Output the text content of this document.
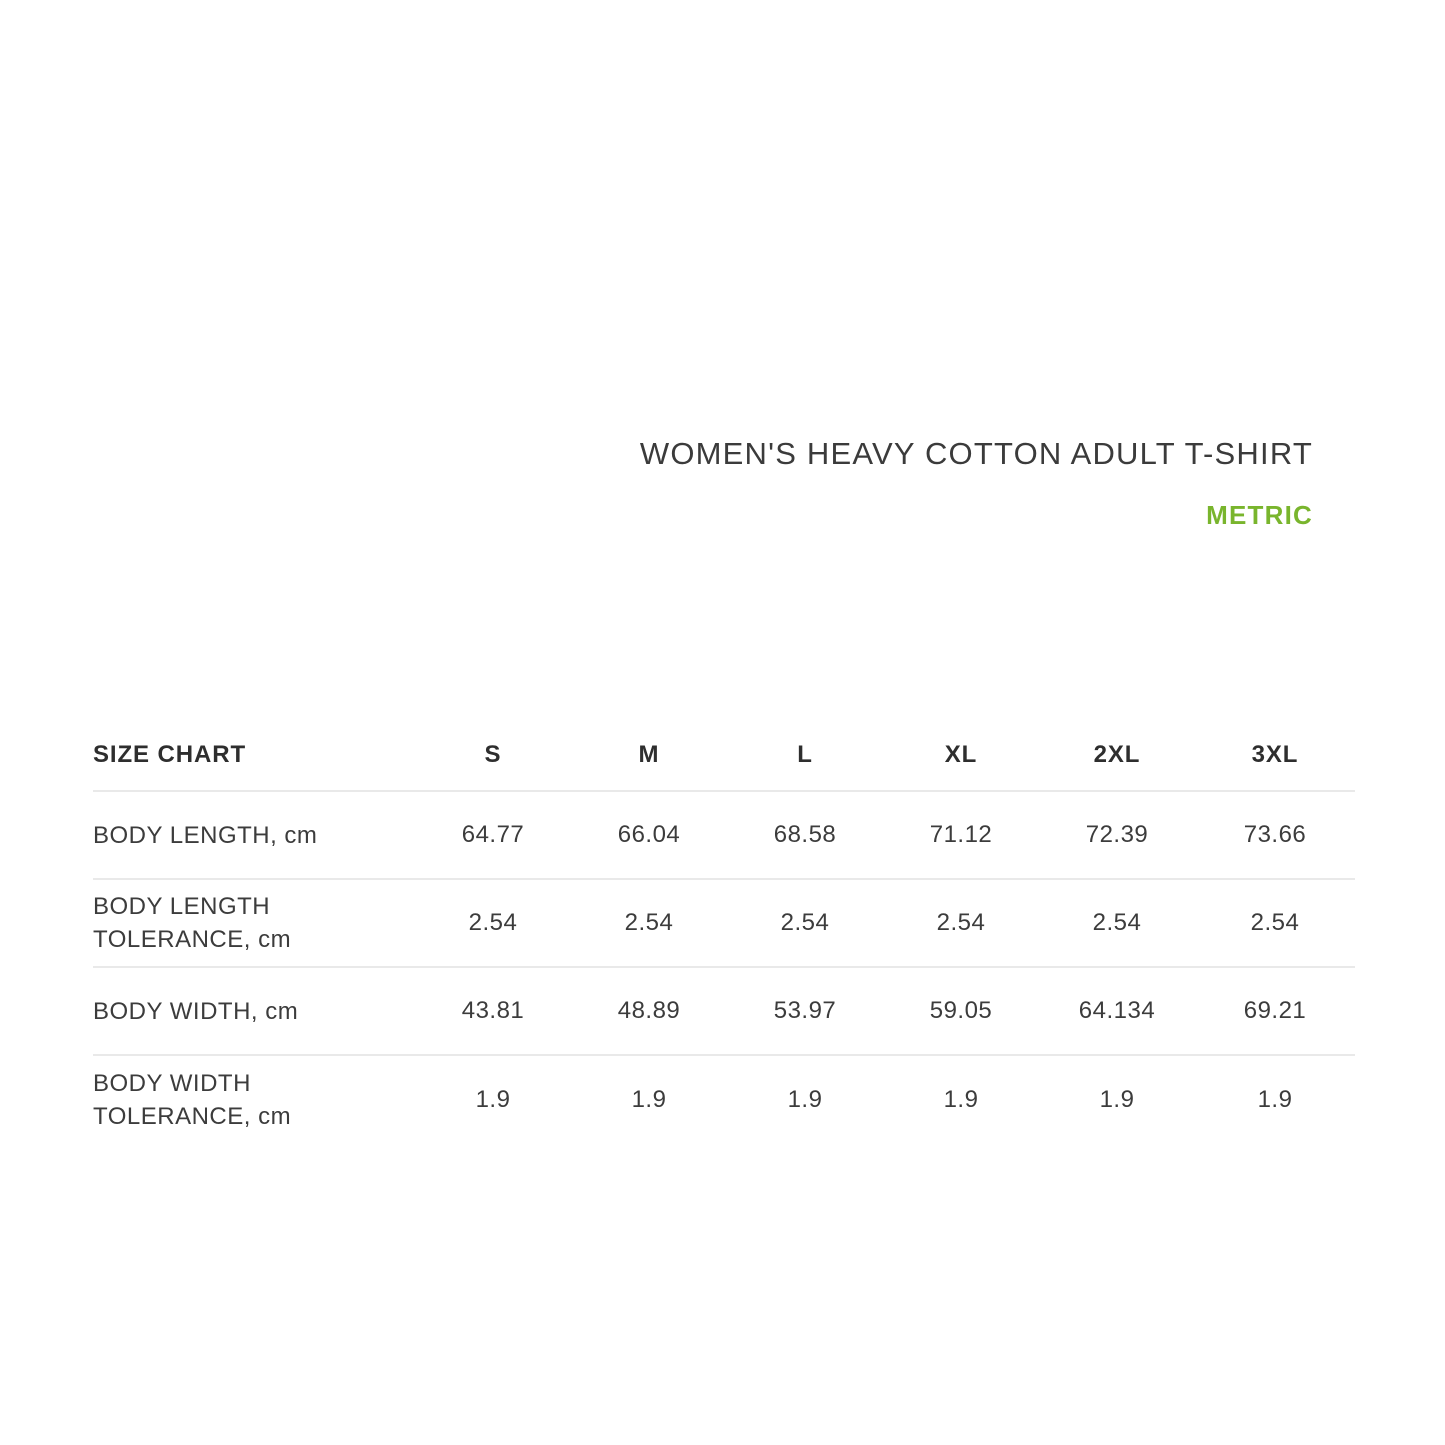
WOMEN'S HEAVY COTTON ADULT T-SHIRT
METRIC
SIZE CHART	S	M	L	XL	2XL	3XL
BODY LENGTH, cm	64.77	66.04	68.58	71.12	72.39	73.66
BODY LENGTH TOLERANCE, cm	2.54	2.54	2.54	2.54	2.54	2.54
BODY WIDTH, cm	43.81	48.89	53.97	59.05	64.134	69.21
BODY WIDTH TOLERANCE, cm	1.9	1.9	1.9	1.9	1.9	1.9
